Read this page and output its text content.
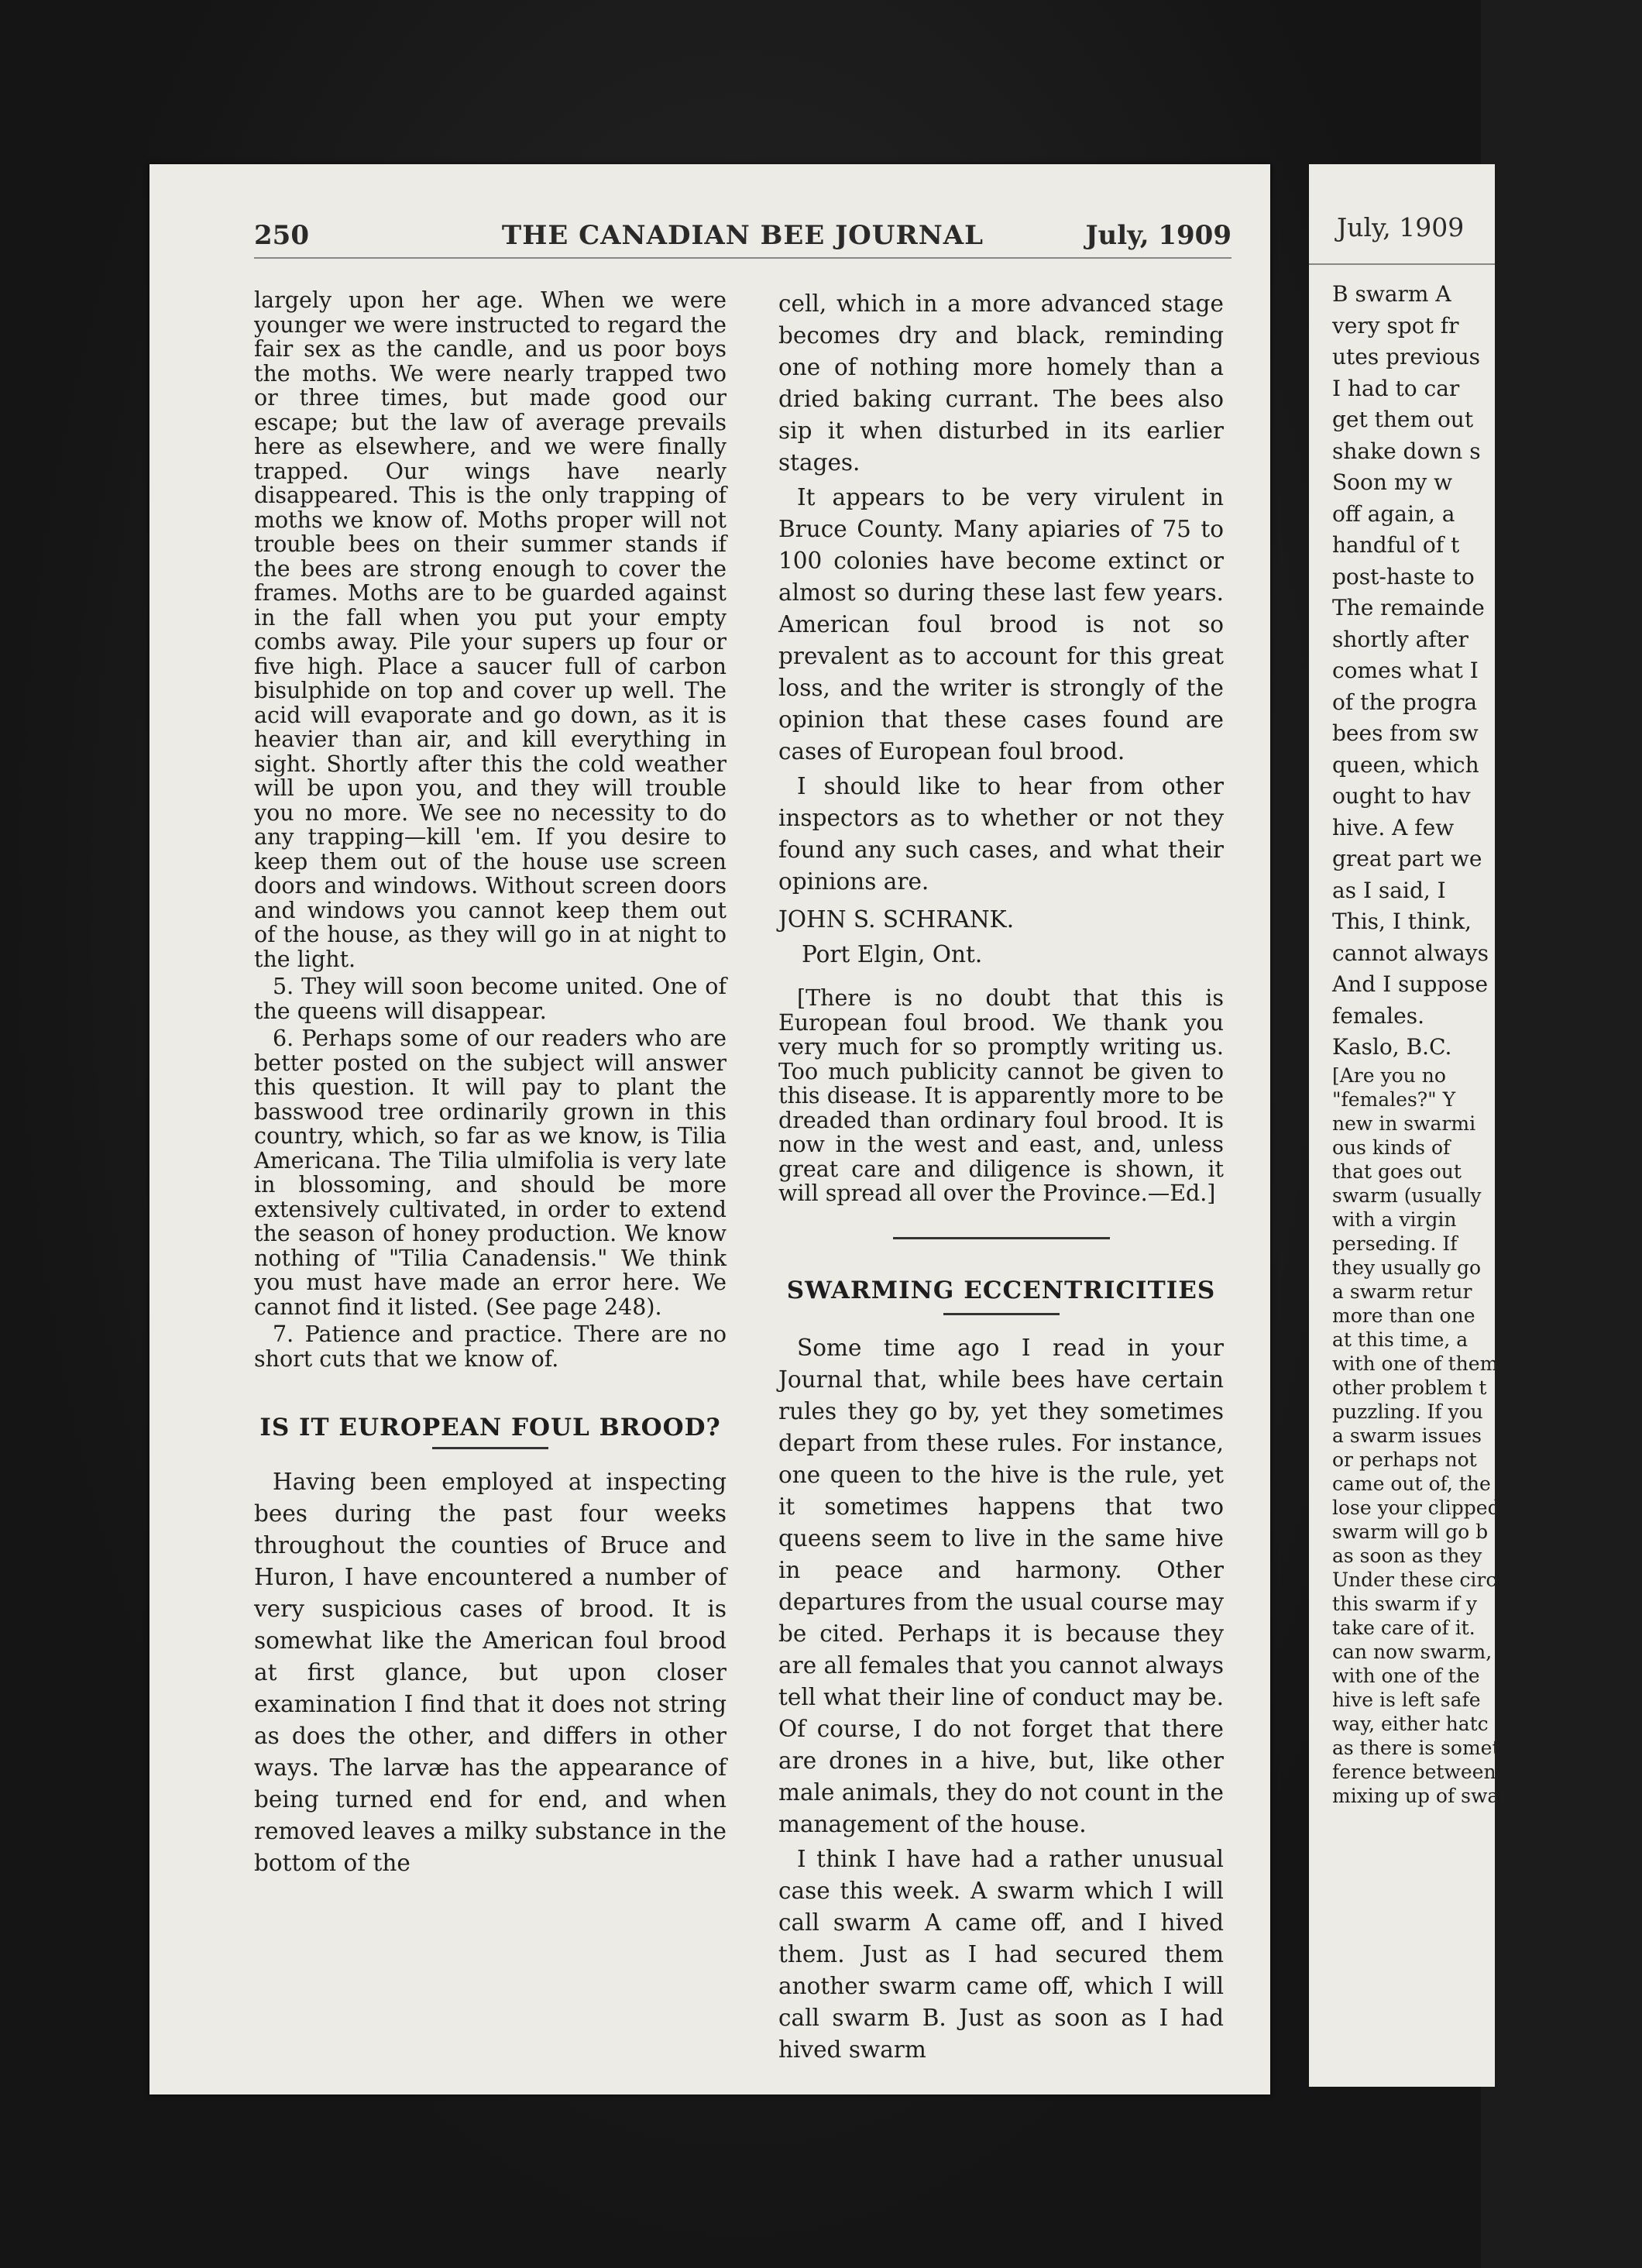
250	THE CANADIAN BEE JOURNAL	July, 1909

largely upon her age. When we were younger we were instructed to regard the fair sex as the candle, and us poor boys the moths. We were nearly trapped two or three times, but made good our escape; but the law of average prevails here as elsewhere, and we were finally trapped. Our wings have nearly disappeared. This is the only trapping of moths we know of. Moths proper will not trouble bees on their summer stands if the bees are strong enough to cover the frames. Moths are to be guarded against in the fall when you put your empty combs away. Pile your supers up four or five high. Place a saucer full of carbon bisulphide on top and cover up well. The acid will evaporate and go down, as it is heavier than air, and kill everything in sight. Shortly after this the cold weather will be upon you, and they will trouble you no more. We see no necessity to do any trapping—kill 'em. If you desire to keep them out of the house use screen doors and windows. Without screen doors and windows you cannot keep them out of the house, as they will go in at night to the light.

5. They will soon become united. One of the queens will disappear.

6. Perhaps some of our readers who are better posted on the subject will answer this question. It will pay to plant the basswood tree ordinarily grown in this country, which, so far as we know, is Tilia Americana. The Tilia ulmifolia is very late in blossoming, and should be more extensively cultivated, in order to extend the season of honey production. We know nothing of "Tilia Canadensis." We think you must have made an error here. We cannot find it listed. (See page 248).

7. Patience and practice. There are no short cuts that we know of.

IS IT EUROPEAN FOUL BROOD?

Having been employed at inspecting bees during the past four weeks throughout the counties of Bruce and Huron, I have encountered a number of very suspicious cases of brood. It is somewhat like the American foul brood at first glance, but upon closer examination I find that it does not string as does the other, and differs in other ways. The larvæ has the appearance of being turned end for end, and when removed leaves a milky substance in the bottom of the

cell, which in a more advanced stage becomes dry and black, reminding one of nothing more homely than a dried baking currant. The bees also sip it when disturbed in its earlier stages.

It appears to be very virulent in Bruce County. Many apiaries of 75 to 100 colonies have become extinct or almost so during these last few years. American foul brood is not so prevalent as to account for this great loss, and the writer is strongly of the opinion that these cases found are cases of European foul brood.

I should like to hear from other inspectors as to whether or not they found any such cases, and what their opinions are.

JOHN S. SCHRANK.

Port Elgin, Ont.

[There is no doubt that this is European foul brood. We thank you very much for so promptly writing us. Too much publicity cannot be given to this disease. It is apparently more to be dreaded than ordinary foul brood. It is now in the west and east, and, unless great care and diligence is shown, it will spread all over the Province.—Ed.]

SWARMING ECCENTRICITIES

Some time ago I read in your Journal that, while bees have certain rules they go by, yet they sometimes depart from these rules. For instance, one queen to the hive is the rule, yet it sometimes happens that two queens seem to live in the same hive in peace and harmony. Other departures from the usual course may be cited. Perhaps it is because they are all females that you cannot always tell what their line of conduct may be. Of course, I do not forget that there are drones in a hive, but, like other male animals, they do not count in the management of the house.

I think I have had a rather unusual case this week. A swarm which I will call swarm A came off, and I hived them. Just as I had secured them another swarm came off, which I will call swarm B. Just as soon as I had hived swarm

July, 1909
B swarm A
very spot fr
utes previous
I had to car
get them out
shake down s
Soon my w
off again, a
handful of t
post-haste to
The remainde
shortly after
comes what I
of the progra
bees from sw
queen, which
ought to hav
hive. A few
great part we
as I said, I
This, I think,
cannot always
And I suppose
females.
Kaslo, B.C.
[Are you no
"females?" Y
new in swarmi
ous kinds of
that goes out
swarm (usually
with a virgin
perseding. If
they usually go
a swarm retur
more than one
at this time, a
with one of them
other problem t
puzzling. If you
a swarm issues
or perhaps not
came out of, the
lose your clipped
swarm will go b
as soon as they
Under these circ
this swarm if y
take care of it.
can now swarm,
with one of the
hive is left safe
way, either hatc
as there is somet
ference between
mixing up of swar
